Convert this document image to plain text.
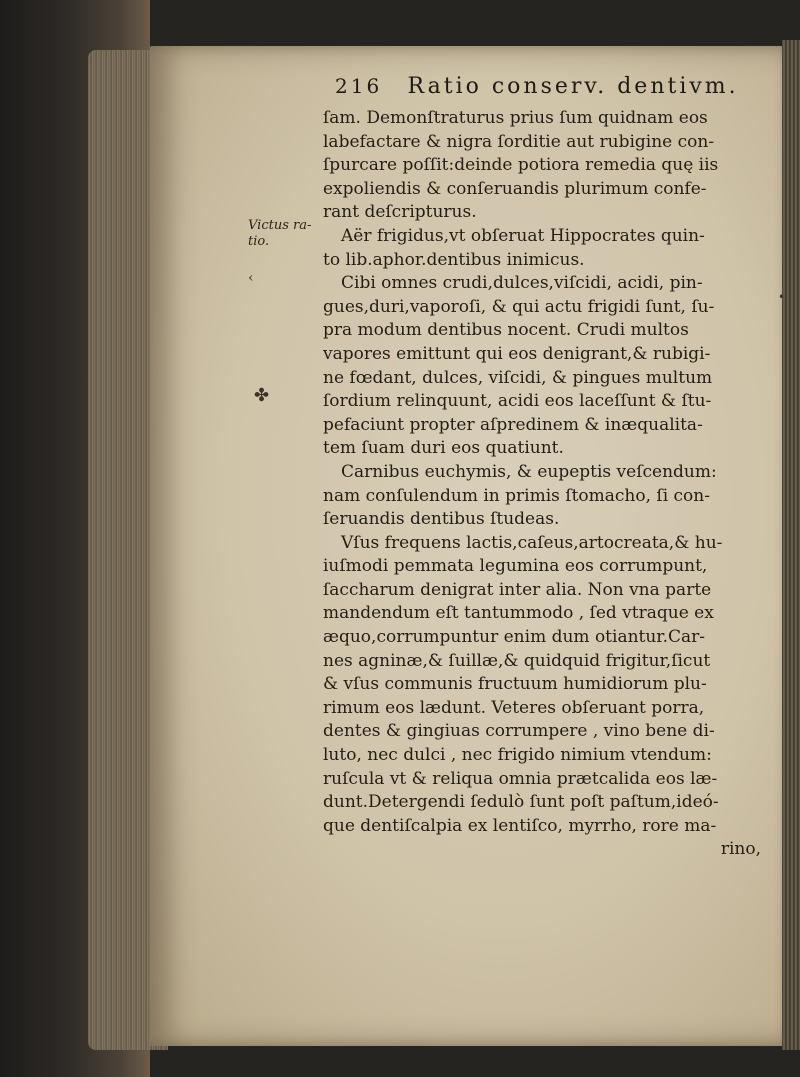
216 Ratio conserv. dentivm.
Victus ra-
tio.
‹
✤
•
ſam. Demonſtraturus prius ſum quidnam eos
labefactare & nigra ſorditie aut rubigine con-
ſpurcare poſſit:deinde potiora remedia quę iis
expoliendis & conſeruandis plurimum confe-
rant deſcripturus.
Aër frigidus,vt obſeruat Hippocrates quin-
to lib.aphor.dentibus inimicus.
Cibi omnes crudi,dulces,viſcidi, acidi, pin-
gues,duri,vaporoſi, & qui actu frigidi ſunt, ſu-
pra modum dentibus nocent. Crudi multos
vapores emittunt qui eos denigrant,& rubigi-
ne fœdant, dulces, viſcidi, & pingues multum
ſordium relinquunt, acidi eos laceſſunt & ſtu-
pefaciunt propter aſpredinem & inæqualita-
tem ſuam duri eos quatiunt.
Carnibus euchymis, & eupeptis veſcendum:
nam conſulendum in primis ſtomacho, ſi con-
ſeruandis dentibus ſtudeas.
Vſus frequens lactis,caſeus,artocreata,& hu-
iuſmodi pemmata legumina eos corrumpunt,
ſaccharum denigrat inter alia. Non vna parte
mandendum eſt tantummodo , ſed vtraque ex
æquo,corrumpuntur enim dum otiantur.Car-
nes agninæ,& ſuillæ,& quidquid frigitur,ſicut
& vſus communis fructuum humidiorum plu-
rimum eos lædunt. Veteres obſeruant porra,
dentes & gingiuas corrumpere , vino bene di-
luto, nec dulci , nec frigido nimium vtendum:
ruſcula vt & reliqua omnia prætcalida eos læ-
dunt.Detergendi ſedulò ſunt poſt paſtum,ideó-
que dentiſcalpia ex lentiſco, myrrho, rore ma-
rino,
